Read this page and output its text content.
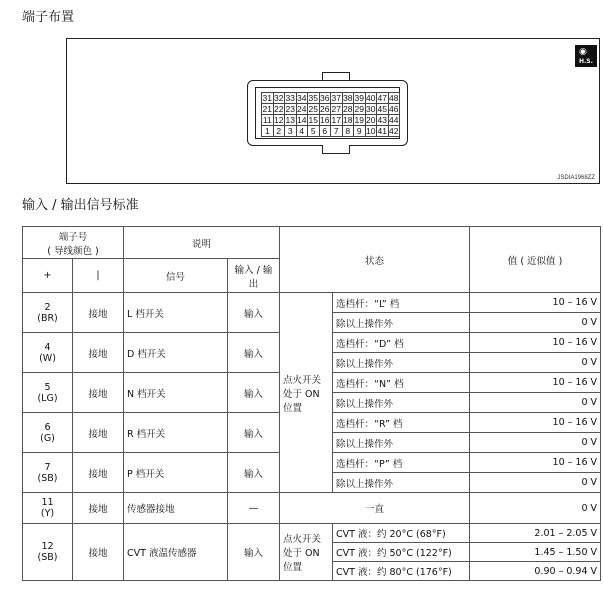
端子布置
31 32 33 34 35 36 37 38 39 40 47 48
21 22 23 24 25 26 27 28 29 30 45 46
11 12 13 14 15 16 17 18 19 20 43 44
1 2 3 4 5 6 7 8 9 10 41 42
◉
H.S.
JSDIA1968ZZ
输入 / 输出信号标准
端子号
( 导线颜色 )		说明		状态		值 ( 近似值 )
+	|	信号	输入 / 输出			

2
(BR)	接地	L 档开关	输入	点火开关处于 ON 位置	选档杆：“L” 档	10 – 16 V
					除以上操作外	0 V

4
(W)	接地	D 档开关	输入		选档杆：“D” 档	10 – 16 V
					除以上操作外	0 V

5
(LG)	接地	N 档开关	输入		选档杆：“N” 档	10 – 16 V
					除以上操作外	0 V

6
(G)	接地	R 档开关	输入		选档杆：“R” 档	10 – 16 V
					除以上操作外	0 V

7
(SB)	接地	P 档开关	输入		选档杆：“P” 档	10 – 16 V
					除以上操作外	0 V

11
(Y)	接地	传感器接地	—	一直		0 V

12
(SB)	接地	CVT 液温传感器	输入	点火开关处于 ON 位置	CVT 液：约 20°C (68°F)	2.01 – 2.05 V
					CVT 液：约 50°C (122°F)	1.45 – 1.50 V
					CVT 液：约 80°C (176°F)	0.90 – 0.94 V
